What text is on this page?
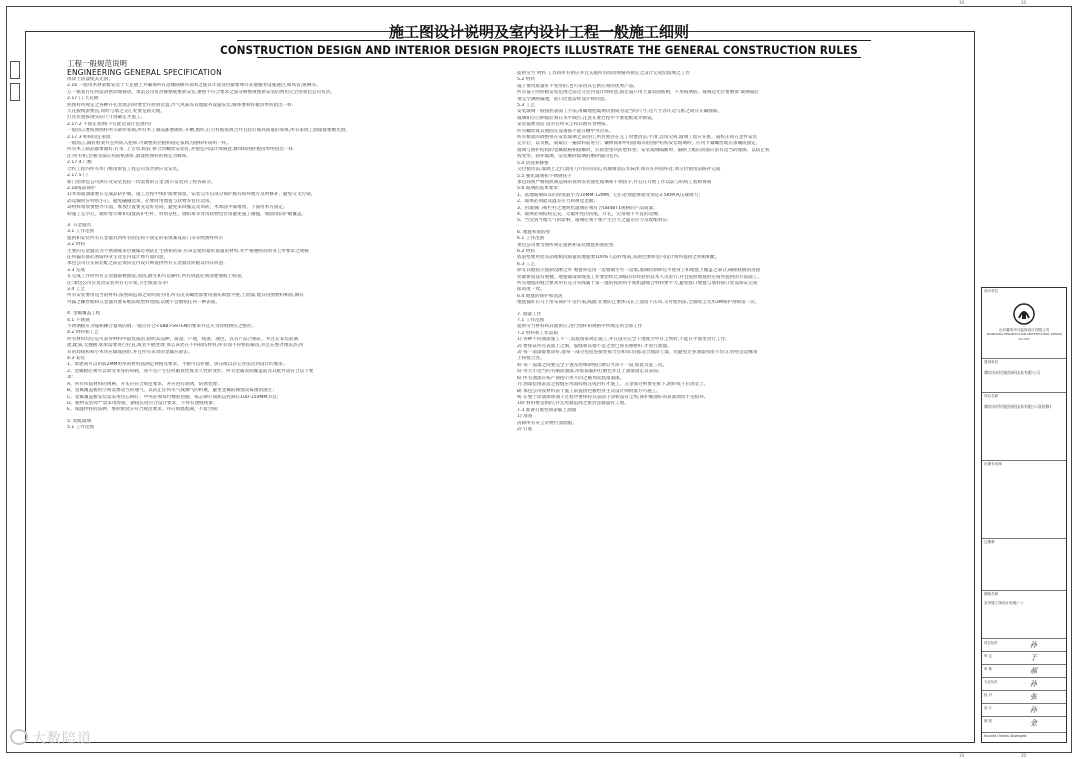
19	20
19	20
施工图设计说明及室内设计工程一般施工细则
CONSTRUCTION DESIGN AND INTERIOR DESIGN PROJECTS ILLUSTRATE THE GENERAL CONSTRUCTION RULES
工程一般规范说明
ENGINEERING GENERAL SPECIFICATION
再涂上清漆使其光滑。
2.16 一般用木材架框安装于天花板上并确保所有边缘圆顺并表明之使其年固及拉紧要尊许其他服务设施通过,如风管,喷淋等。
万一框架有任何需动摆动或移动，承造公司负责修整或重新安装,重整不符合要求之部分修整或重新安装的费用完全由承包公司负责。
2.17 门.天花板
照图样所规定之各种开孔处理,同时要允许照明装置,冷气风扇等其他服务设施安装,修饰要和样板清单所指出一样.
天花板线条要直,同时与墙之交汇处要是圆无缝。
灯具位置按现实际尺寸再确定才施工。
2.17.2 不固定家俱(不在此次设计范围内)
一般而言要按照图样所示制作家俱,所有木工制品都要做好,开槽,刨样,打舌样粘胶拼合并且装钉或高质量的家俱,所有家俱上油漆都要磨光滑。
2.17.3 柜和固定家俱
一般而言,做好框架并且所嵌入把和,可调整的层板和固定家俱为图样所说明一样。
所有木工制品都要做好,打带. 上舌带,粘胶 拼合用螺丝安装好,并使室内设计师满意,修饰和图样板清单所指出一样.
注:所有柜,层板等都应用防纸擦好,油漆照图样的规定为修饰。
2.17.4 门框
合约工程内所有木门框由承包工程公司负责供应及安装。
2.17.5 门
新门由承包公司供应及安装包括一切需要的五金,图示安装到工程各部分。
2.18成品保护
1)木饰面油漆要在完成品防护膜，施工过程中保护膜要保留，安装完毕后部分保护膜有损坏地方及时修补，避免交叉污染。
2)运输时应特别小心，避免磕碰边角，必要时用地毯与软物等包住边角。
3)材料堆放要整齐牢固，堆放位置要先选好房间，避免来回搬运及周转，木饰面平铺堆放，下面用木方固定。
4)施工完毕后，做好警示牌和设置防护栏杆，特别是柱，墙阳角等处用软物包住角避免施工碰撞，墙面用防护膜覆盖。
3. 五金器具
3.1 工作范围
提供和安装所有五金器具到所有固定和不固定的家俱兼设品门等等照图样所示
3.2 材料
主要的五金器具为不锈钢或多层镀镍必须防止生锈和站染 应该是使用最好质量的材料,并严格遵照说明书上所要求之规格
任何偏差都必须取得业主及室内设计师方面同意。
承包公司在实际装配之前必须向室内设计师提供所有五金器具样板以得其同意。
3.3 完成
在完成工作时所有五金器都被擦洗,清洗,磨光和可以操作,所有钥匙必须清楚地贴上标签。
注:承包公司应负责安装所有毛巾架,卫生纸架等等!
3.4 工艺
所有安装要用适当的材料,按照制造商之说明而引用,所有沉头螺丝都要用油灰填塞平整,上油漆,使其用围物料相同,偶有
外露之螺丝帽和五金器具要布维胶或塑料垫圈,以便不会磨损任何一种表面。
4. 金属覆盖工程
4.1 不锈钢
不锈钢板应为镜和操合量高的钢,一般应符合<S88>S97EN的要求并且应为焊缝物应之整形。
4.2 材料和工艺
所有材料均应是可获得材料中最优质的,指明其品种，质量，产地，线条，颜色，具有产品合格证，并且在安装前满
流,配质,无翘曲,如果需要进行拉直,或者平板处理 那么该处在不得损伤材料,所有而不得快结解齿,并且在整齐地去热,所
有的焊接和和小木块应做成圆形,并且所有多余的金属应除去。
4.3 安装
1、承建商可以用较2MM更厚的材料法满足规格及要求，平板可以折叠，挤压或以其它办法达到设计的要求。
2、金属板必须可以承受本身的荷载，而不会产生任何眼查性或永久性的变形，所有金属表面覆盖前及其配件需符合以下要
求：
A、所有铁质材料的规格，开头应符合规范要求，并应进行除锈，防锈处理；
B、金属覆盖板的空间需要适当的通气，以防止任何水气或潮气的积聚，避免金属的腐蚀及霉菌的滋生；
C、金属覆盖板安装需采用热芯铆钉，中央必须每付橡胶垫圈，按芯铆钉间距以控制在100-150MM为宜；
D、板材安装时严禁采用焊接，搪接长度符合设计要求，不得有透缝现象；
E、保温材料的品种，堆积密度应符合规范要求，并应填塞饱满，不留空隙；
5. 装配玻璃
5.1 工作范围
提供劳力 材料 工具和所有供应并且实施所有图及规格所规定之设计完成装玻璃之工作
5.2 材料
镜子要用质量好不变形的,也可采用其它供应商的优秀产品。
所有镜子的样板安装范围之前这交室内设计师同意,固定镜只用大量双面粘柄，不用玻璃胶，玻璃边光位要磨滑 玻璃镜必
须完全满断遍透，胶口位置需经设计师同意。
5.3 工艺
安装玻璃一般按照表面工字法,准确地把玻璃切割成为适当的尺寸,这尺寸容许边与框之间有正确缝隙。
玻璃如小凸伸玻必须在水平线位,注意在要过程中不要把框架弄断裂。
安装镜要清洁 没有任何灰尘和其他有害物质。
所有螺丝或其他固定设备都不能在槽中突出来。
所有框架的调整将在安装玻璃之前进行,所封密封在完工时要清洁,平滑,边角尖锐,玻璃工程应在框，扇校正和五金件安装
完毕后，以及框，扇最后一遍涂料前进行；镶棒间和中间固瑕等的围护结构安装玻璃时，应用卡紧螺丝或压条镶嵌固定，
玻璃与围护结构的金属框格相接触时，应嵌塑垫块防塑料垫；安装玻璃隔断时，隔断上框的顶面应留有适当的缝隙，以防止机
构变形，损坏玻璃，安装磨砂玻璃的磨砂面向室内。
5.4 清洗和修整
交付使用前,玻璃上之污渍用刀片轻轻刮去,用玻璃清洁水抹净,如有任何损坏者,须交付使用前修补完成
5.5 强化玻璃和不锈钢扶手
承包商须严格按照制造商的说明安装强化玻璃和不锈扶手,并且在开始工作以前与结构工程师协商
5.6 玻璃的基本要求：
1、落地玻璃厚其的厚度最小为10MM-12MM，它们必须能够抵受预定2.5KPA风压或吸力；
2、玻璃必须能及温差应力和视觉歪曲；
3、用玻璃门和栏杆之透明化玻璃必须符合GB48T1规格的产品质量；
4、玻璃必须结构完美，无破坏性的伤痕，针孔，尖角或不平直的边缘；
5、当受到当地天气的影响，玻璃必须不要产生过大之温差应力及收缩效应；
6. 地毯和底胶垫
6.1 工作范围
承包公司要为图所规定提供和安装地毯和底胶垫.
6.2 材料
底胶垫要用优等品或相同质量的地毯要100%人造纤维质,其颜色要和室内设计师所提供之样板相配。
6.3 工艺
除非其他指示毯制设刚之外 地毯将是由一边墙铺至另一边墙,准确切割和装平使身上和地毯上覆盖之部分,确保底板的连接
处紧密而没有重叠。地毯铺设和缝查工作要由经过训练的有经验的技术人员进行,并且按照地毯供应商所提供的方法施工。
所有地毯的缝合要求用有充分实践属于第一流的按照用手或机器缝合材料要平大,避免接口地毯与墙料接口处需保证完成
面高度一致。
6.4 地毯的保护和清洗
地毯铺好后马上用布保护不受污染,践踏,在要防止重体压在上面留下压印,交付使用前,全面吸尘及用3M保护剂喷第一次。
7. 油漆工作
7.1 工作范围
提供劳力材料和其他供应,进行图样和规格中所规定的全部工作
7.2 材料和工作品质
1) 各种不同油漆施工不一,需按国家规定施工,并在没有完全干透或空中有尘埃时,不能在平面里进行工作。
2) 要保证所有表面上之洞，裂缝和其他不是之处已预先修整好,才进行油漆。
3) 每一道漆都要涂好,使每一部分包括连接处接合点和角等)都适合地涂上漆，但避免过多油漆厚度不均匀,特别是边缘角
上和接合处。
4) 每一道漆之间要完全干透及用细砂纸打磨后才涂下一道,如此反复三次。
5) 用大小适当的毛刷涂油漆,用胶质腻料打磨色并且上油漆固定其表面。
6) 所有油漆应按产商指示用不同之稀剂及底漆面漆。
7) 油漆范围表边之接缝应用玻纹纸完成封好才施工。五金部分则要先拆下,油好收干后再装上。
8) 承包公司按材料表于施工前提供色板给业主及设计师批准方可施工。
9) 在整个涂油漆和油干过程中要保持其表面干净和没有尘埃,保护刚油好的表面须留不受损坏。
10) 材料要是新的,并且用制造商之密封容器盛住工地。
7.3 准备打底色和添腻上油漆
1) 准备
清除所有灰尘杂物污渍油脂。
2) 打底
设计单位
山东滕州市凡装饰设计有限公司
SHANDONG TENGZHOU FAN ARCHITECTURAL DESIGN CO.,LTD
建设单位
潍坊东村功能协析技术有限公司
项目名称
潍坊东村功能协析技术有限公司(装修)
出图专用章
注册章
图纸名称
室内施工图设计说明(一)
项目负责	孙
审 定	于
审 核	郝
专业负责	孙
校 对	张
设 计	孙
制 图	金
Invalid Unless Stamped
大数陪道
